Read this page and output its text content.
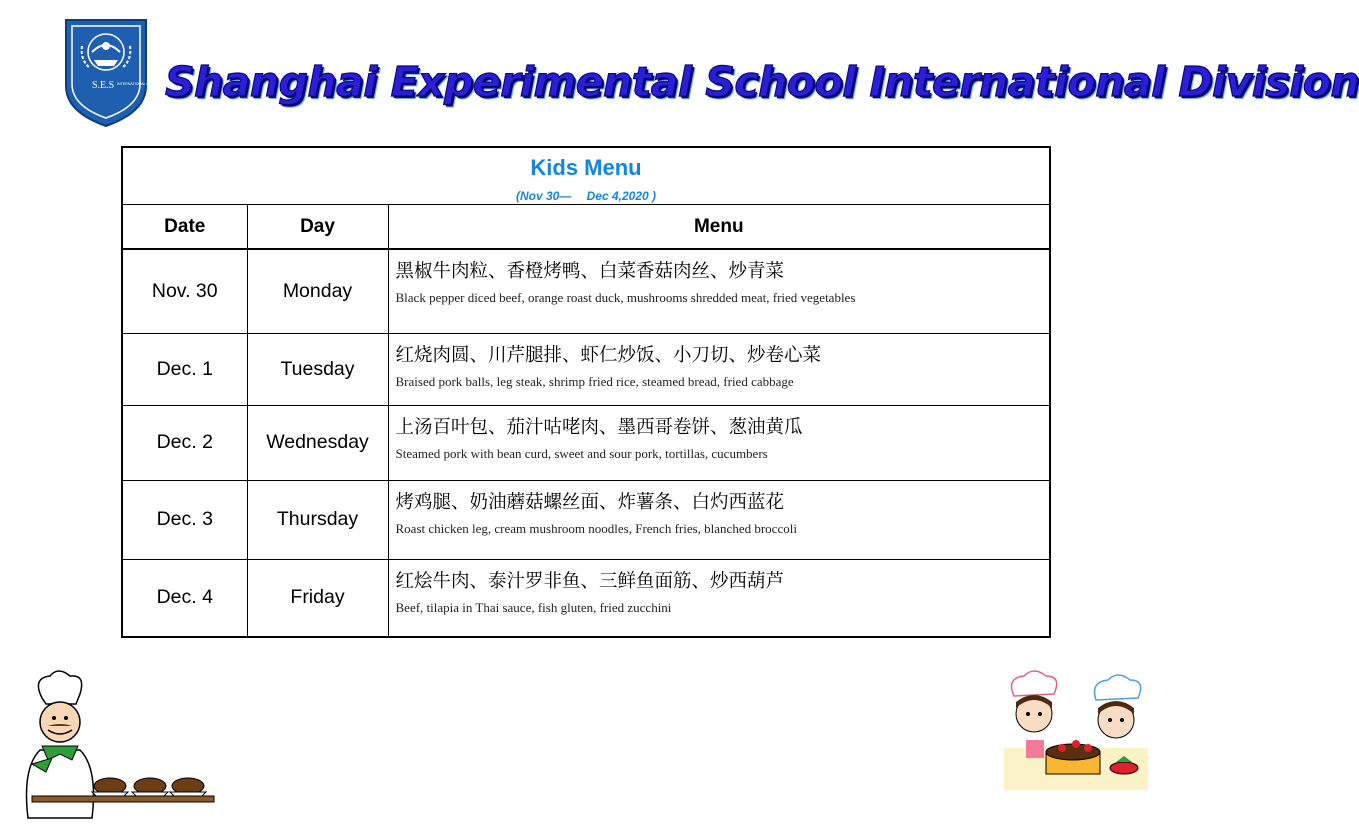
S.E.S INTERNATIONAL DIVISION Shanghai Experimental School International Division
Kids Menu
(Nov 30—　 Dec 4,2020 )		

Date	Day	Menu
Nov. 30	Monday	黑椒牛肉粒、香橙烤鸭、白菜香菇肉丝、炒青菜
Black pepper diced beef, orange roast duck, mushrooms shredded meat, fried vegetables

Dec. 1	Tuesday	红烧肉圆、川芹腿排、虾仁炒饭、小刀切、炒卷心菜
Braised pork balls, leg steak, shrimp fried rice, steamed bread, fried cabbage

Dec. 2	Wednesday	上汤百叶包、茄汁咕咾肉、墨西哥卷饼、葱油黄瓜
Steamed pork with bean curd, sweet and sour pork, tortillas, cucumbers

Dec. 3	Thursday	烤鸡腿、奶油蘑菇螺丝面、炸薯条、白灼西蓝花
Roast chicken leg, cream mushroom noodles, French fries, blanched broccoli

Dec. 4	Friday	红烩牛肉、泰汁罗非鱼、三鲜鱼面筋、炒西葫芦
Beef, tilapia in Thai sauce, fish gluten, fried zucchini
